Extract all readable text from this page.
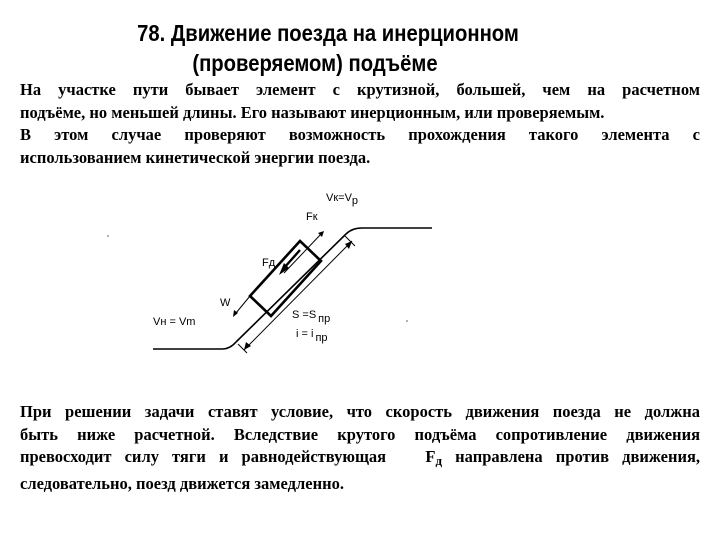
78. Движение поезда на инерционном
(проверяемом) подъёме
На участке пути бывает элемент с крутизной, большей, чем на расчетном
подъёме, но меньшей длины. Его называют инерционным, или проверяемым.
В этом случае проверяют возможность прохождения такого элемента с
использованием кинетической энергии поезда.
Vк=Vр
Fк
Fд
W
Vн = Vm
S =S пр
i = i пр
При решении задачи ставят условие, что скорость движения поезда не должна
быть ниже расчетной. Вследствие крутого подъёма сопротивление движения
превосходит силу тяги и равнодействующая Fд направлена против движения,
следовательно, поезд движется замедленно.
